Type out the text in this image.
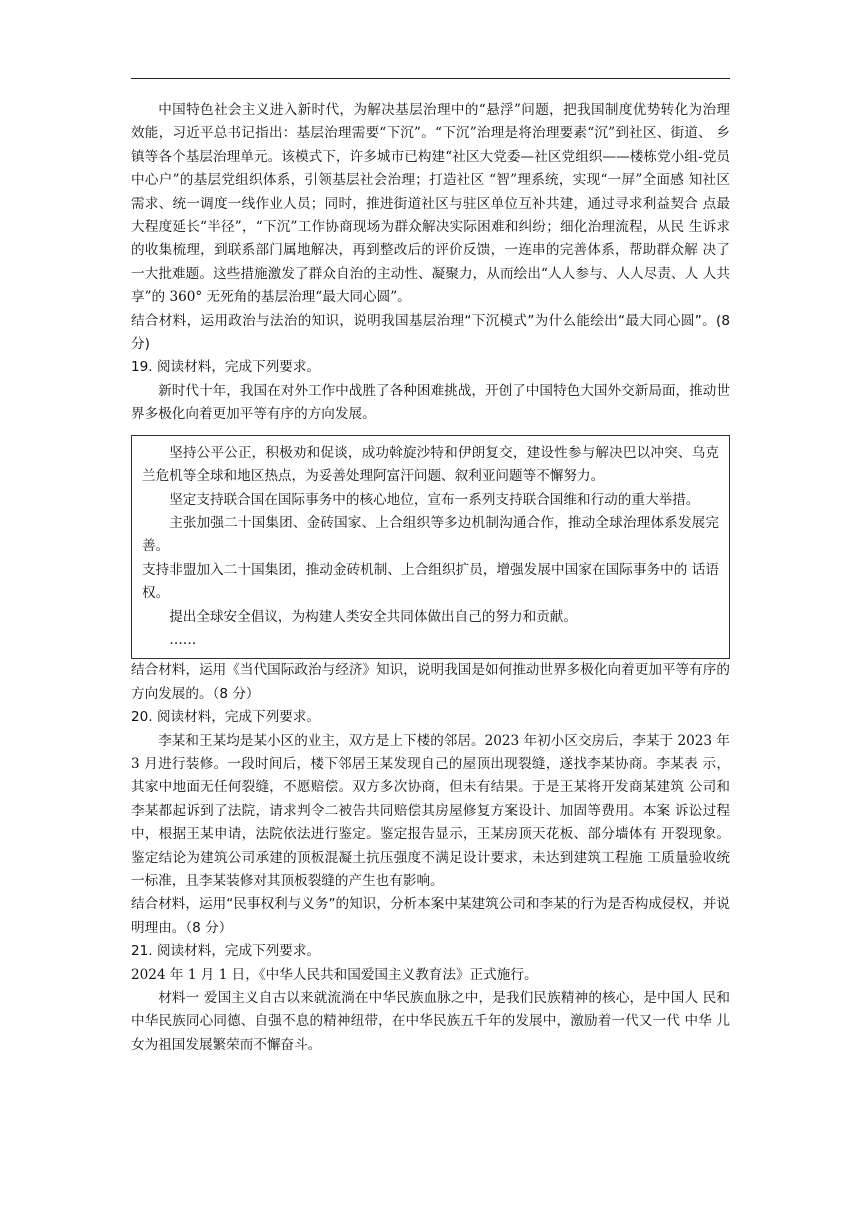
中国特色社会主义进入新时代，为解决基层治理中的“悬浮”问题，把我国制度优势转化为治理 效能，习近平总书记指出：基层治理需要“下沉”。“下沉”治理是将治理要素“沉”到社区、街道、 乡镇等各个基层治理单元。该模式下，许多城市已构建“社区大党委—社区党组织——楼栋党小组-党员中心户”的基层党组织体系，引领基层社会治理；打造社区 “智”理系统，实现“一屏”全面感 知社区需求、统一调度一线作业人员；同时，推进街道社区与驻区单位互补共建，通过寻求利益契合 点最大程度延长“半径”，“下沉”工作协商现场为群众解决实际困难和纠纷；细化治理流程，从民 生诉求的收集梳理，到联系部门属地解决，再到整改后的评价反馈，一连串的完善体系，帮助群众解 决了一大批难题。这些措施激发了群众自治的主动性、凝聚力，从而绘出“人人参与、人人尽责、人 人共享”的 360° 无死角的基层治理“最大同心圆”。

结合材料，运用政治与法治的知识，说明我国基层治理“下沉模式”为什么能绘出“最大同心圆”。(8 分)

19. 阅读材料，完成下列要求。

新时代十年，我国在对外工作中战胜了各种困难挑战，开创了中国特色大国外交新局面，推动世 界多极化向着更加平等有序的方向发展。

坚持公平公正，积极劝和促谈，成功斡旋沙特和伊朗复交，建设性参与解决巴以冲突、乌克 兰危机等全球和地区热点，为妥善处理阿富汗问题、叙利亚问题等不懈努力。

坚定支持联合国在国际事务中的核心地位，宣布一系列支持联合国维和行动的重大举措。

主张加强二十国集团、金砖国家、上合组织等多边机制沟通合作，推动全球治理体系发展完 善。

支持非盟加入二十国集团，推动金砖机制、上合组织扩员，增强发展中国家在国际事务中的 话语权。

提出全球安全倡议，为构建人类安全共同体做出自己的努力和贡献。

……

结合材料，运用《当代国际政治与经济》知识，说明我国是如何推动世界多极化向着更加平等有序的 方向发展的。（8 分）

20. 阅读材料，完成下列要求。

李某和王某均是某小区的业主，双方是上下楼的邻居。2023 年初小区交房后，李某于 2023 年 3 月进行装修。一段时间后，楼下邻居王某发现自己的屋顶出现裂缝，遂找李某协商。李某表 示，其家中地面无任何裂缝，不愿赔偿。双方多次协商，但未有结果。于是王某将开发商某建筑 公司和李某都起诉到了法院，请求判令二被告共同赔偿其房屋修复方案设计、加固等费用。本案 诉讼过程中，根据王某申请，法院依法进行鉴定。鉴定报告显示，王某房顶天花板、部分墙体有 开裂现象。鉴定结论为建筑公司承建的顶板混凝土抗压强度不满足设计要求，未达到建筑工程施 工质量验收统一标准，且李某装修对其顶板裂缝的产生也有影响。

结合材料，运用“民事权利与义务”的知识，分析本案中某建筑公司和李某的行为是否构成侵权，并说明理由。（8 分）

21. 阅读材料，完成下列要求。

2024 年 1 月 1 日，《中华人民共和国爱国主义教育法》正式施行。

材料一 爱国主义自古以来就流淌在中华民族血脉之中，是我们民族精神的核心，是中国人 民和中华民族同心同德、自强不息的精神纽带，在中华民族五千年的发展中，激励着一代又一代 中华 儿女为祖国发展繁荣而不懈奋斗。
